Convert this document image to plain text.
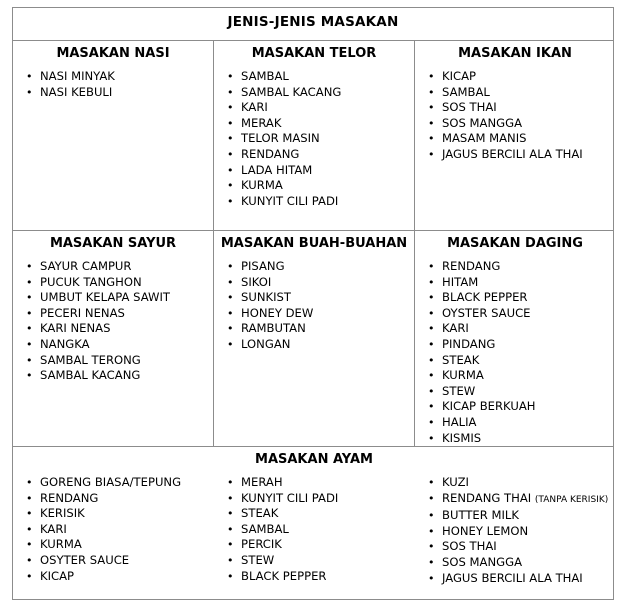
JENIS-JENIS MASAKAN
MASAKAN NASI
• NASI MINYAK
• NASI KEBULI
MASAKAN TELOR
• SAMBAL
• SAMBAL KACANG
• KARI
• MERAK
• TELOR MASIN
• RENDANG
• LADA HITAM
• KURMA
• KUNYIT CILI PADI
MASAKAN IKAN
• KICAP
• SAMBAL
• SOS THAI
• SOS MANGGA
• MASAM MANIS
• JAGUS BERCILI ALA THAI
MASAKAN SAYUR
• SAYUR CAMPUR
• PUCUK TANGHON
• UMBUT KELAPA SAWIT
• PECERI NENAS
• KARI NENAS
• NANGKA
• SAMBAL TERONG
• SAMBAL KACANG
MASAKAN BUAH-BUAHAN
• PISANG
• SIKOI
• SUNKIST
• HONEY DEW
• RAMBUTAN
• LONGAN
MASAKAN DAGING
• RENDANG
• HITAM
• BLACK PEPPER
• OYSTER SAUCE
• KARI
• PINDANG
• STEAK
• KURMA
• STEW
• KICAP BERKUAH
• HALIA
• KISMIS
MASAKAN AYAM
• GORENG BIASA/TEPUNG
• RENDANG
• KERISIK
• KARI
• KURMA
• OSYTER SAUCE
• KICAP
• MERAH
• KUNYIT CILI PADI
• STEAK
• SAMBAL
• PERCIK
• STEW
• BLACK PEPPER
• KUZI
• RENDANG THAI (TANPA KERISIK)
• BUTTER MILK
• HONEY LEMON
• SOS THAI
• SOS MANGGA
• JAGUS BERCILI ALA THAI
